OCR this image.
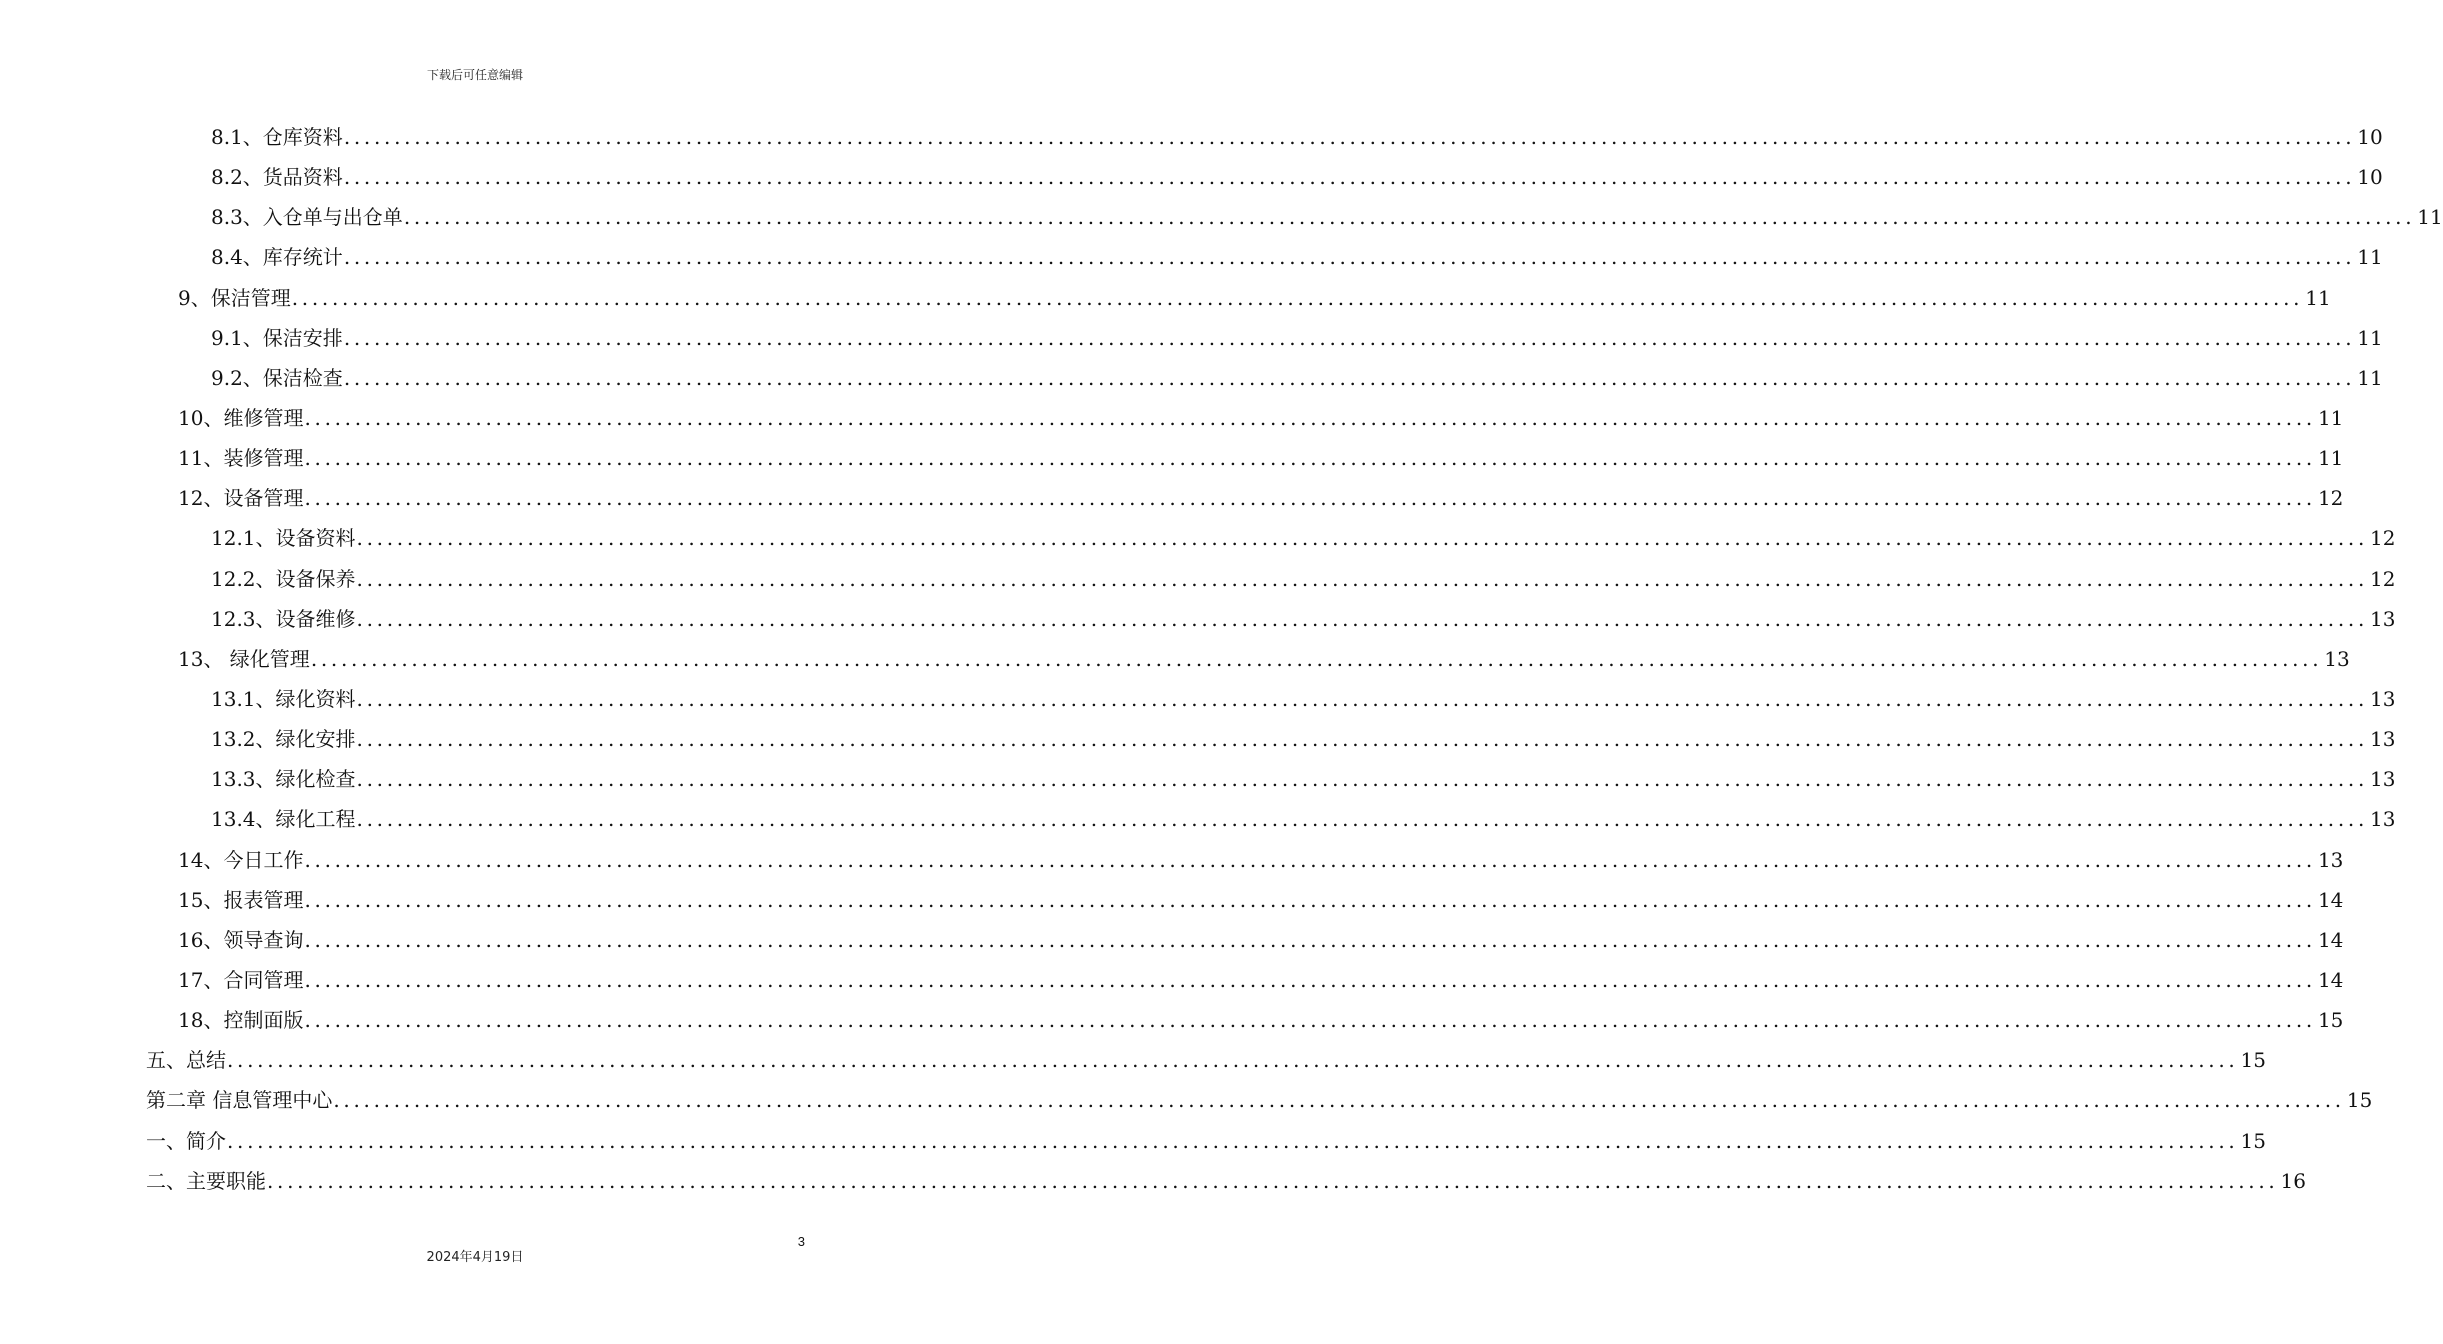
下载后可任意编辑
8.1、仓库资料 ........................................................................................................................................................................................................ 10
8.2、货品资料 ........................................................................................................................................................................................................ 10
8.3、入仓单与出仓单 ........................................................................................................................................................................................................ 11
8.4、库存统计 ........................................................................................................................................................................................................ 11
9、保洁管理 ........................................................................................................................................................................................................ 11
9.1、保洁安排 ........................................................................................................................................................................................................ 11
9.2、保洁检查 ........................................................................................................................................................................................................ 11
10、维修管理 ........................................................................................................................................................................................................ 11
11、装修管理 ........................................................................................................................................................................................................ 11
12、设备管理 ........................................................................................................................................................................................................ 12
12.1、设备资料 ........................................................................................................................................................................................................ 12
12.2、设备保养 ........................................................................................................................................................................................................ 12
12.3、设备维修 ........................................................................................................................................................................................................ 13
13、 绿化管理 ........................................................................................................................................................................................................ 13
13.1、绿化资料 ........................................................................................................................................................................................................ 13
13.2、绿化安排 ........................................................................................................................................................................................................ 13
13.3、绿化检查 ........................................................................................................................................................................................................ 13
13.4、绿化工程 ........................................................................................................................................................................................................ 13
14、今日工作 ........................................................................................................................................................................................................ 13
15、报表管理 ........................................................................................................................................................................................................ 14
16、领导查询 ........................................................................................................................................................................................................ 14
17、合同管理 ........................................................................................................................................................................................................ 14
18、控制面版 ........................................................................................................................................................................................................ 15
五、总结 ........................................................................................................................................................................................................ 15
第二章 信息管理中心 ........................................................................................................................................................................................................ 15
一、简介 ........................................................................................................................................................................................................ 15
二、主要职能 ........................................................................................................................................................................................................ 16
3
2024年4月19日
